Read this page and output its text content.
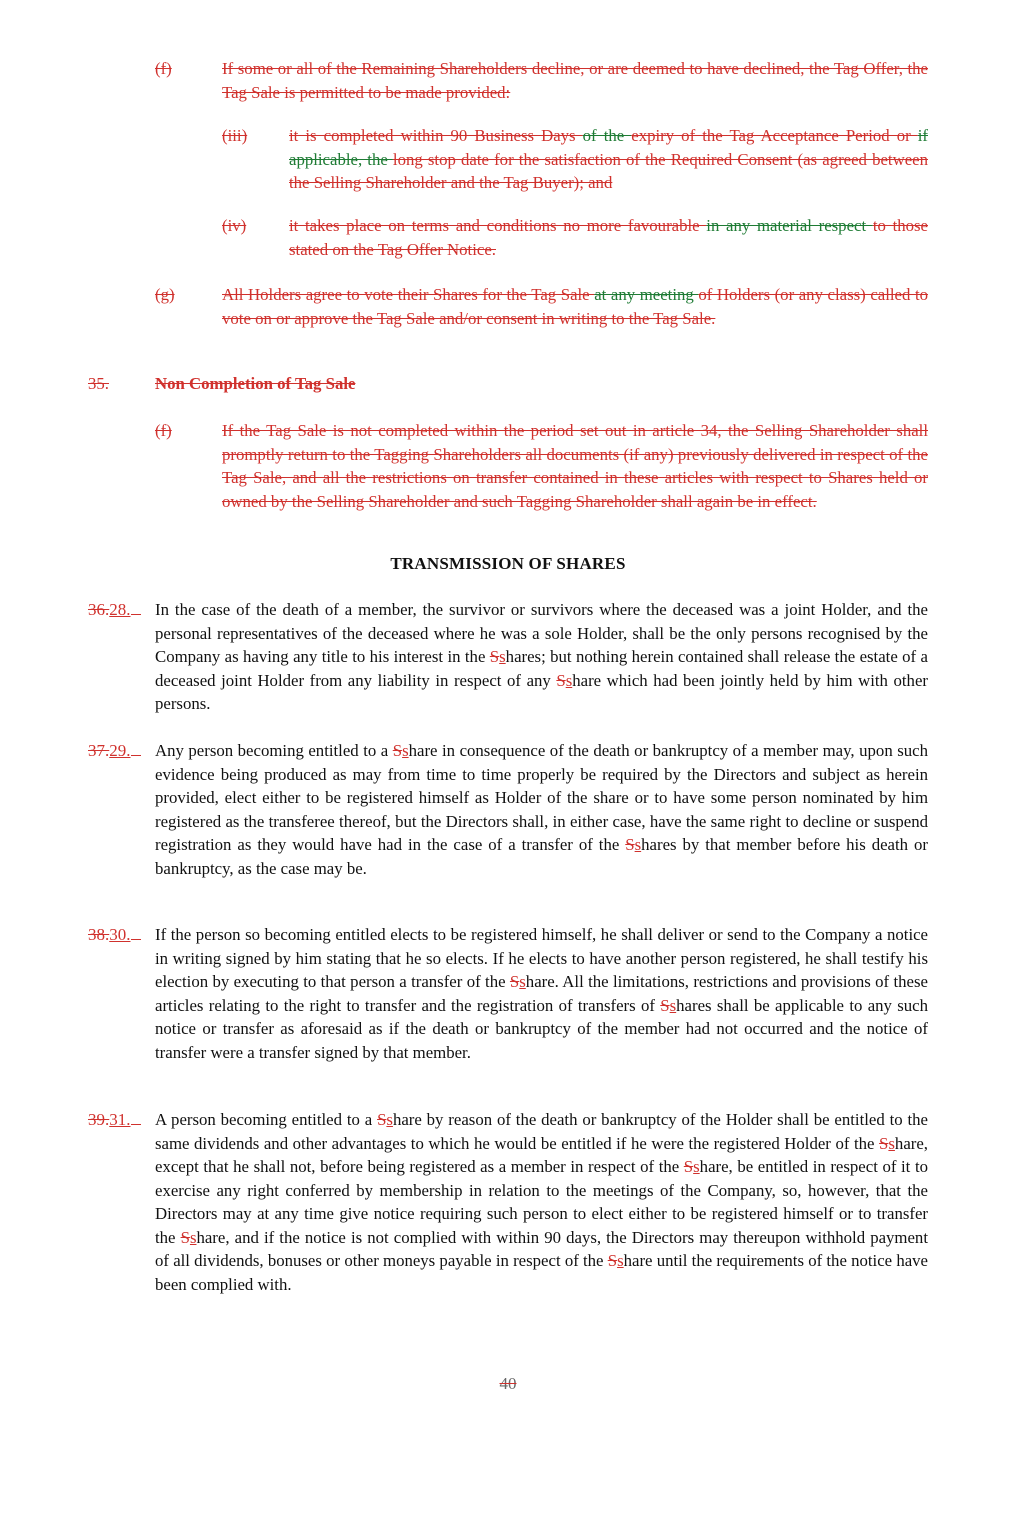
(f)	If some or all of the Remaining Shareholders decline, or are deemed to have declined, the Tag Offer, the Tag Sale is permitted to be made provided:
(iii) it is completed within 90 Business Days of the expiry of the Tag Acceptance Period or if applicable, the long stop date for the satisfaction of the Required Consent (as agreed between the Selling Shareholder and the Tag Buyer); and
(iv)	it takes place on terms and conditions no more favourable in any material respect to those stated on the Tag Offer Notice.
(g)	All Holders agree to vote their Shares for the Tag Sale at any meeting of Holders (or any class) called to vote on or approve the Tag Sale and/or consent in writing to the Tag Sale.
35.	Non Completion of Tag Sale
(f)	If the Tag Sale is not completed within the period set out in article 34, the Selling Shareholder shall promptly return to the Tagging Shareholders all documents (if any) previously delivered in respect of the Tag Sale, and all the restrictions on transfer contained in these articles with respect to Shares held or owned by the Selling Shareholder and such Tagging Shareholder shall again be in effect.
TRANSMISSION OF SHARES
36.28.	In the case of the death of a member, the survivor or survivors where the deceased was a joint Holder, and the personal representatives of the deceased where he was a sole Holder, shall be the only persons recognised by the Company as having any title to his interest in the Sshares; but nothing herein contained shall release the estate of a deceased joint Holder from any liability in respect of any Sshare which had been jointly held by him with other persons.
37.29.	Any person becoming entitled to a Sshare in consequence of the death or bankruptcy of a member may, upon such evidence being produced as may from time to time properly be required by the Directors and subject as herein provided, elect either to be registered himself as Holder of the share or to have some person nominated by him registered as the transferee thereof, but the Directors shall, in either case, have the same right to decline or suspend registration as they would have had in the case of a transfer of the Sshares by that member before his death or bankruptcy, as the case may be.
38.30.	If the person so becoming entitled elects to be registered himself, he shall deliver or send to the Company a notice in writing signed by him stating that he so elects. If he elects to have another person registered, he shall testify his election by executing to that person a transfer of the Sshare. All the limitations, restrictions and provisions of these articles relating to the right to transfer and the registration of transfers of Sshares shall be applicable to any such notice or transfer as aforesaid as if the death or bankruptcy of the member had not occurred and the notice of transfer were a transfer signed by that member.
39.31.	A person becoming entitled to a Sshare by reason of the death or bankruptcy of the Holder shall be entitled to the same dividends and other advantages to which he would be entitled if he were the registered Holder of the Sshare, except that he shall not, before being registered as a member in respect of the Sshare, be entitled in respect of it to exercise any right conferred by membership in relation to the meetings of the Company, so, however, that the Directors may at any time give notice requiring such person to elect either to be registered himself or to transfer the Sshare, and if the notice is not complied with within 90 days, the Directors may thereupon withhold payment of all dividends, bonuses or other moneys payable in respect of the Sshare until the requirements of the notice have been complied with.
40
